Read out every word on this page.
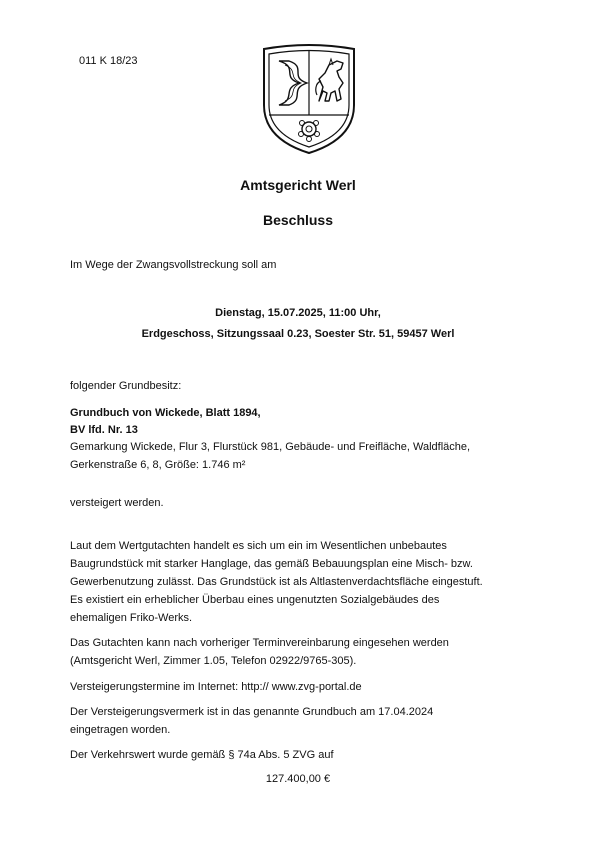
011 K 18/23
Amtsgericht Werl
Beschluss
Im Wege der Zwangsvollstreckung soll am
Dienstag, 15.07.2025, 11:00 Uhr,
Erdgeschoss, Sitzungssaal 0.23, Soester Str. 51, 59457 Werl
folgender Grundbesitz:
Grundbuch von Wickede, Blatt 1894,
BV lfd. Nr. 13
Gemarkung Wickede, Flur 3, Flurstück 981, Gebäude- und Freifläche, Waldfläche,
Gerkenstraße 6, 8, Größe: 1.746 m²
versteigert werden.
Laut dem Wertgutachten handelt es sich um ein im Wesentlichen unbebautes
Baugrundstück mit starker Hanglage, das gemäß Bebauungsplan eine Misch- bzw.
Gewerbenutzung zulässt. Das Grundstück ist als Altlastenverdachtsfläche eingestuft.
Es existiert ein erheblicher Überbau eines ungenutzten Sozialgebäudes des
ehemaligen Friko-Werks.
Das Gutachten kann nach vorheriger Terminvereinbarung eingesehen werden
(Amtsgericht Werl, Zimmer 1.05, Telefon 02922/9765-305).
Versteigerungstermine im Internet: http:// www.zvg-portal.de
Der Versteigerungsvermerk ist in das genannte Grundbuch am 17.04.2024
eingetragen worden.
Der Verkehrswert wurde gemäß § 74a Abs. 5 ZVG auf
127.400,00 €
